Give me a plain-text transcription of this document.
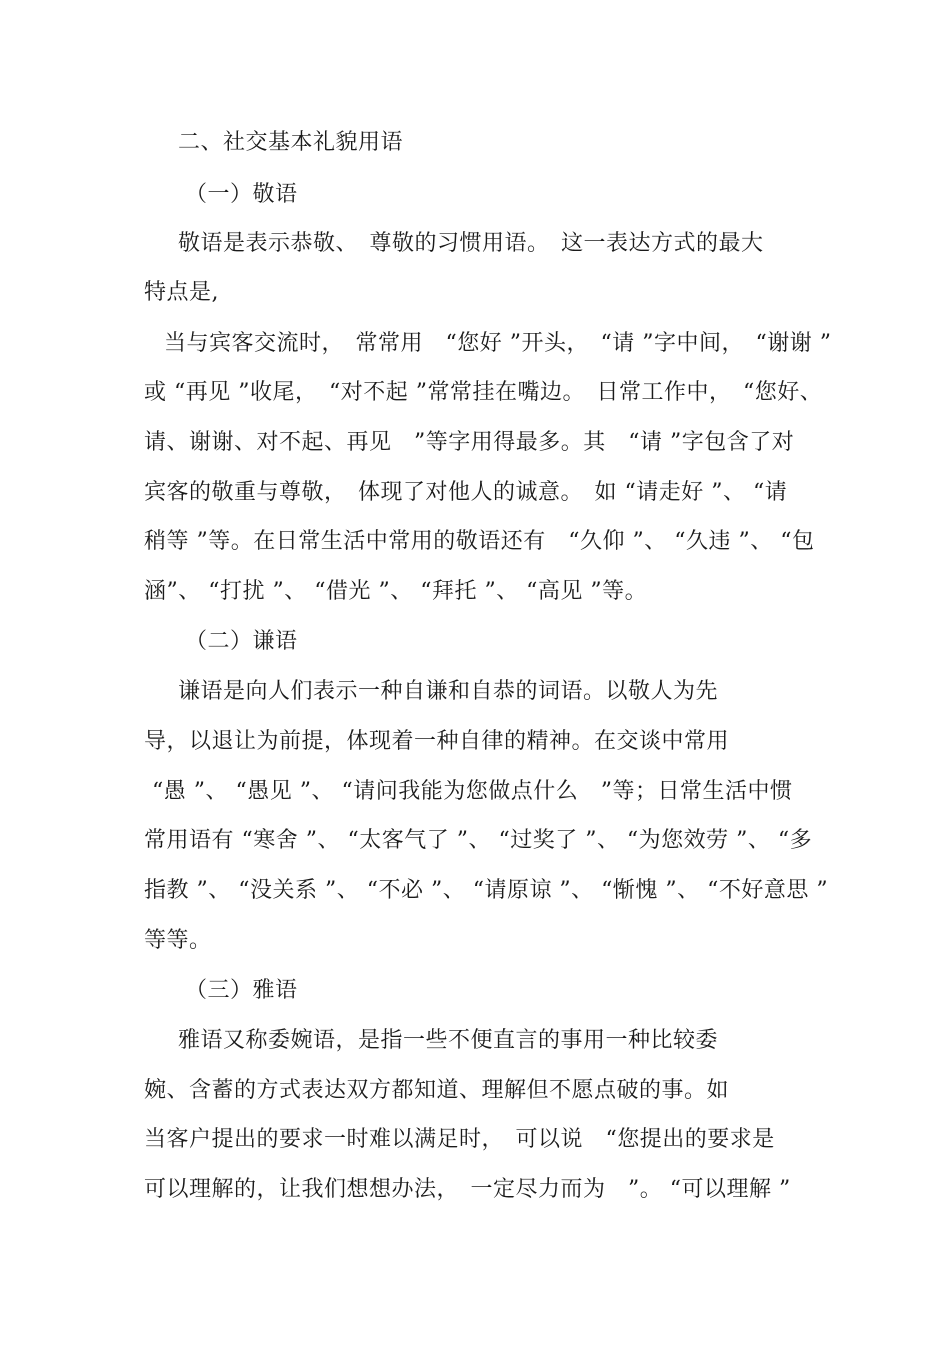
二、社交基本礼貌用语
（一）敬语
敬语是表示恭敬、　尊敬的习惯用语。　这一表达方式的最大
特点是,
当与宾客交流时，　常常用　“您好 ”开头，　“请 ”字中间，　“谢谢 ”
或 “再见 ”收尾，　“对不起 ”常常挂在嘴边。　日常工作中，　“您好、
请、谢谢、对不起、再见　”等字用得最多。其　“请 ”字包含了对
宾客的敬重与尊敬，　体现了对他人的诚意。　如 “请走好 ”、 “请
稍等 ”等。在日常生活中常用的敬语还有　“久仰 ”、 “久违 ”、 “包
涵”、 “打扰 ”、 “借光 ”、 “拜托 ”、 “高见 ”等。
（二）谦语
谦语是向人们表示一种自谦和自恭的词语。以敬人为先
导，以退让为前提，体现着一种自律的精神。在交谈中常用
“愚 ”、 “愚见 ”、 “请问我能为您做点什么　”等；日常生活中惯
常用语有 “寒舍 ”、 “太客气了 ”、 “过奖了 ”、 “为您效劳 ”、 “多
指教 ”、 “没关系 ”、 “不必 ”、 “请原谅 ”、 “惭愧 ”、 “不好意思 ”
等等。
（三）雅语
雅语又称委婉语，是指一些不便直言的事用一种比较委
婉、含蓄的方式表达双方都知道、理解但不愿点破的事。如
当客户提出的要求一时难以满足时，　可以说　“您提出的要求是
可以理解的，让我们想想办法，　一定尽力而为　”。 “可以理解 ”
